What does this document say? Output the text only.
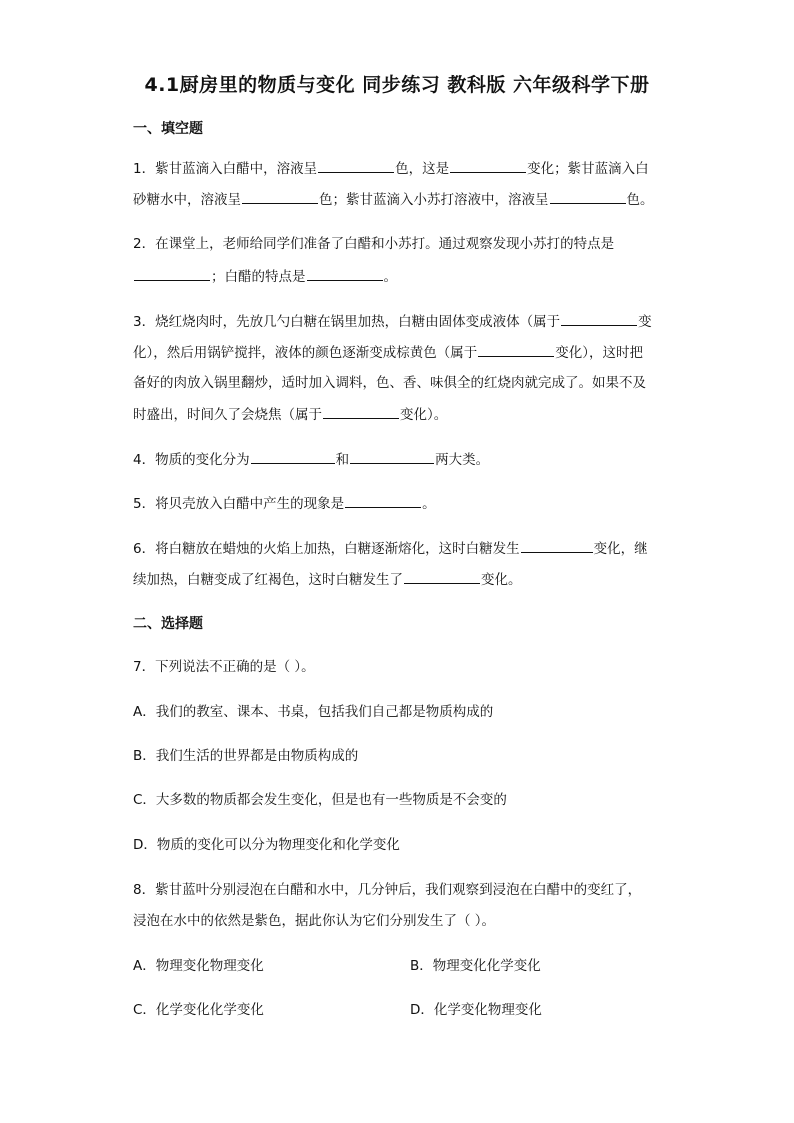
4.1厨房里的物质与变化 同步练习 教科版 六年级科学下册
一、填空题
1．紫甘蓝滴入白醋中，溶液呈	色，这是	变化；紫甘蓝滴入白
砂糖水中，溶液呈	色；紫甘蓝滴入小苏打溶液中，溶液呈	色。
2．在课堂上，老师给同学们准备了白醋和小苏打。通过观察发现小苏打的特点是
；白醋的特点是	。
3．烧红烧肉时，先放几勺白糖在锅里加热，白糖由固体变成液体（属于	变
化），然后用锅铲搅拌，液体的颜色逐渐变成棕黄色（属于	变化），这时把
备好的肉放入锅里翻炒，适时加入调料，色、香、味俱全的红烧肉就完成了。如果不及
时盛出，时间久了会烧焦（属于	变化）。
4．物质的变化分为	和	两大类。
5．将贝壳放入白醋中产生的现象是	。
6．将白糖放在蜡烛的火焰上加热，白糖逐渐熔化，这时白糖发生	变化，继
续加热，白糖变成了红褐色，这时白糖发生了	变化。
二、选择题
7．下列说法不正确的是（ ）。
A．我们的教室、课本、书桌，包括我们自己都是物质构成的
B．我们生活的世界都是由物质构成的
C．大多数的物质都会发生变化，但是也有一些物质是不会变的
D．物质的变化可以分为物理变化和化学变化
8．紫甘蓝叶分别浸泡在白醋和水中，几分钟后，我们观察到浸泡在白醋中的变红了，
浸泡在水中的依然是紫色，据此你认为它们分别发生了（ ）。
A．物理变化物理变化	B．物理变化化学变化
C．化学变化化学变化	D．化学变化物理变化
